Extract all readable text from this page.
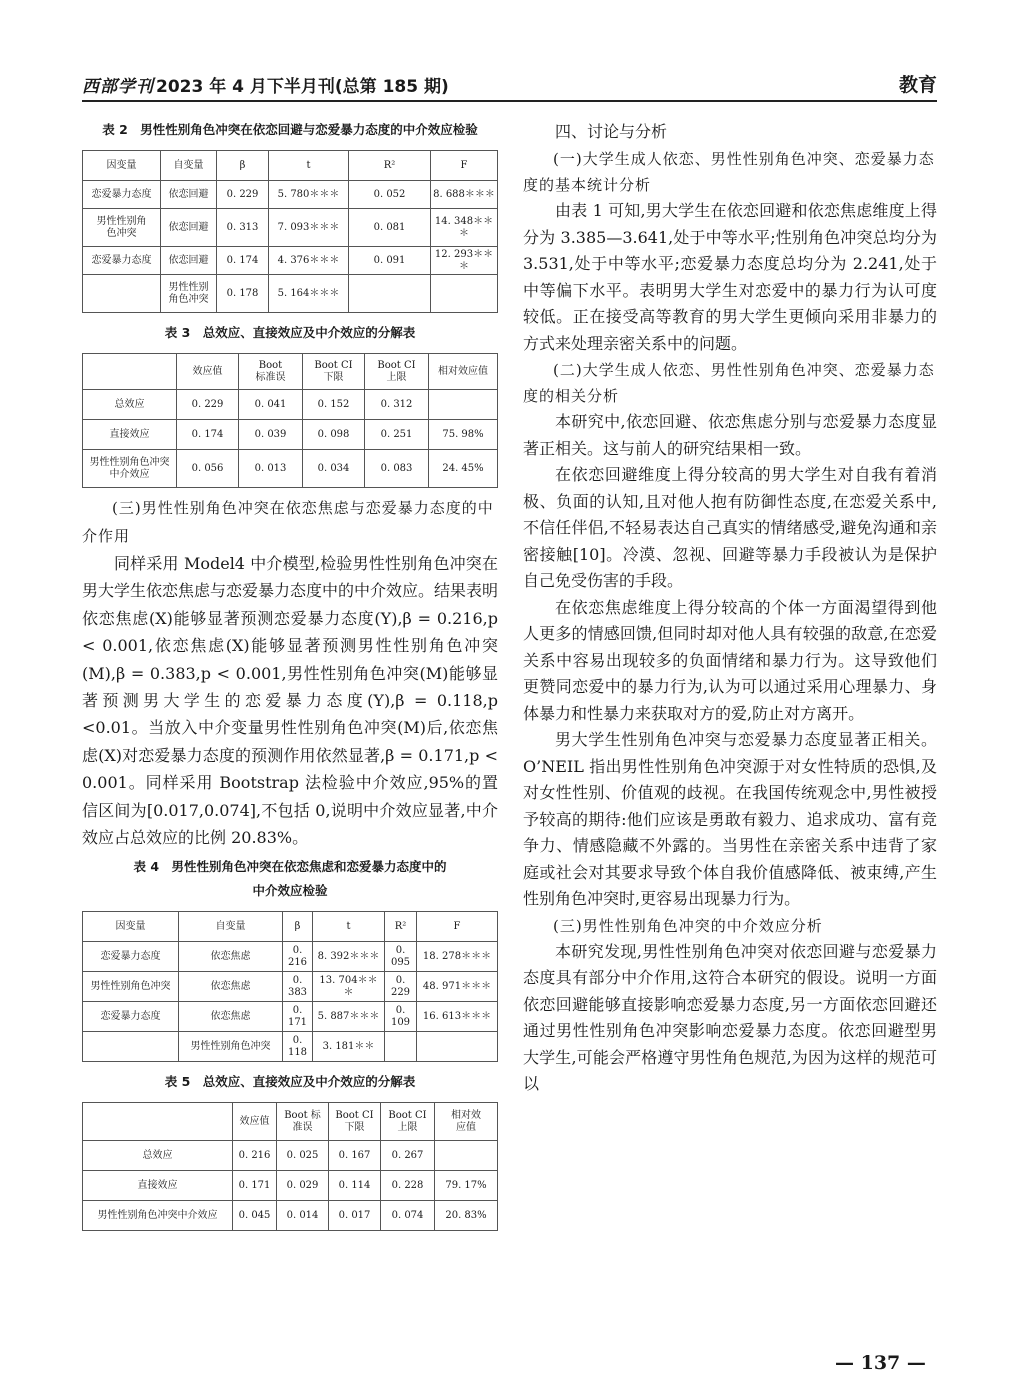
西部学刊 2023 年 4 月下半月刊(总第 185 期)	教育

表 2　男性性别角色冲突在依恋回避与恋爱暴力态度的中介效应检验

因变量	自变量	β	t	R²	F
恋爱暴力态度	依恋回避	0. 229	5. 780＊＊＊	0. 052	8. 688＊＊＊
男性性别角色冲突	依恋回避	0. 313	7. 093＊＊＊	0. 081	14. 348＊＊＊
恋爱暴力态度	依恋回避	0. 174	4. 376＊＊＊	0. 091	12. 293＊＊＊
	男性性别角色冲突	0. 178	5. 164＊＊＊		

表 3　总效应、直接效应及中介效应的分解表

	效应值	Boot 标准误	Boot CI 下限	Boot CI 上限	相对效应值
总效应	0. 229	0. 041	0. 152	0. 312	
直接效应	0. 174	0. 039	0. 098	0. 251	75. 98%
男性性别角色冲突中介效应	0. 056	0. 013	0. 034	0. 083	24. 45%

(三)男性性别角色冲突在依恋焦虑与恋爱暴力态度的中介作用

同样采用 Model4 中介模型,检验男性性别角色冲突在男大学生依恋焦虑与恋爱暴力态度中的中介效应。结果表明依恋焦虑(X)能够显著预测恋爱暴力态度(Y),β = 0.216,p < 0.001,依恋焦虑(X)能够显著预测男性性别角色冲突(M),β = 0.383,p < 0.001,男性性别角色冲突(M)能够显著预测男大学生的恋爱暴力态度(Y),β = 0.118,p <0.01。当放入中介变量男性性别角色冲突(M)后,依恋焦虑(X)对恋爱暴力态度的预测作用依然显著,β = 0.171,p < 0.001。同样采用 Bootstrap 法检验中介效应,95%的置信区间为[0.017,0.074],不包括 0,说明中介效应显著,中介效应占总效应的比例 20.83%。

表 4　男性性别角色冲突在依恋焦虑和恋爱暴力态度中的

中介效应检验

因变量	自变量	β	t	R²	F
恋爱暴力态度	依恋焦虑	0. 216	8. 392＊＊＊	0. 095	18. 278＊＊＊
男性性别角色冲突	依恋焦虑	0. 383	13. 704＊＊＊	0. 229	48. 971＊＊＊
恋爱暴力态度	依恋焦虑	0. 171	5. 887＊＊＊	0. 109	16. 613＊＊＊
	男性性别角色冲突	0. 118	3. 181＊＊		

表 5　总效应、直接效应及中介效应的分解表

	效应值	Boot 标准误	Boot CI 下限	Boot CI 上限	相对效应值
总效应	0. 216	0. 025	0. 167	0. 267	
直接效应	0. 171	0. 029	0. 114	0. 228	79. 17%
男性性别角色冲突中介效应	0. 045	0. 014	0. 017	0. 074	20. 83%

四、讨论与分析

(一)大学生成人依恋、男性性别角色冲突、恋爱暴力态度的基本统计分析

由表 1 可知,男大学生在依恋回避和依恋焦虑维度上得分为 3.385—3.641,处于中等水平;性别角色冲突总均分为 3.531,处于中等水平;恋爱暴力态度总均分为 2.241,处于中等偏下水平。表明男大学生对恋爱中的暴力行为认可度较低。正在接受高等教育的男大学生更倾向采用非暴力的方式来处理亲密关系中的问题。

(二)大学生成人依恋、男性性别角色冲突、恋爱暴力态度的相关分析

本研究中,依恋回避、依恋焦虑分别与恋爱暴力态度显著正相关。这与前人的研究结果相一致。

在依恋回避维度上得分较高的男大学生对自我有着消极、负面的认知,且对他人抱有防御性态度,在恋爱关系中,不信任伴侣,不轻易表达自己真实的情绪感受,避免沟通和亲密接触[10]。冷漠、忽视、回避等暴力手段被认为是保护自己免受伤害的手段。

在依恋焦虑维度上得分较高的个体一方面渴望得到他人更多的情感回馈,但同时却对他人具有较强的敌意,在恋爱关系中容易出现较多的负面情绪和暴力行为。这导致他们更赞同恋爱中的暴力行为,认为可以通过采用心理暴力、身体暴力和性暴力来获取对方的爱,防止对方离开。

男大学生性别角色冲突与恋爱暴力态度显著正相关。O’NEIL 指出男性性别角色冲突源于对女性特质的恐惧,及对女性性别、价值观的歧视。在我国传统观念中,男性被授予较高的期待:他们应该是勇敢有毅力、追求成功、富有竞争力、情感隐藏不外露的。当男性在亲密关系中违背了家庭或社会对其要求导致个体自我价值感降低、被束缚,产生性别角色冲突时,更容易出现暴力行为。

(三)男性性别角色冲突的中介效应分析

本研究发现,男性性别角色冲突对依恋回避与恋爱暴力态度具有部分中介作用,这符合本研究的假设。说明一方面依恋回避能够直接影响恋爱暴力态度,另一方面依恋回避还通过男性性别角色冲突影响恋爱暴力态度。依恋回避型男大学生,可能会严格遵守男性角色规范,为因为这样的规范可以

— 137 —
